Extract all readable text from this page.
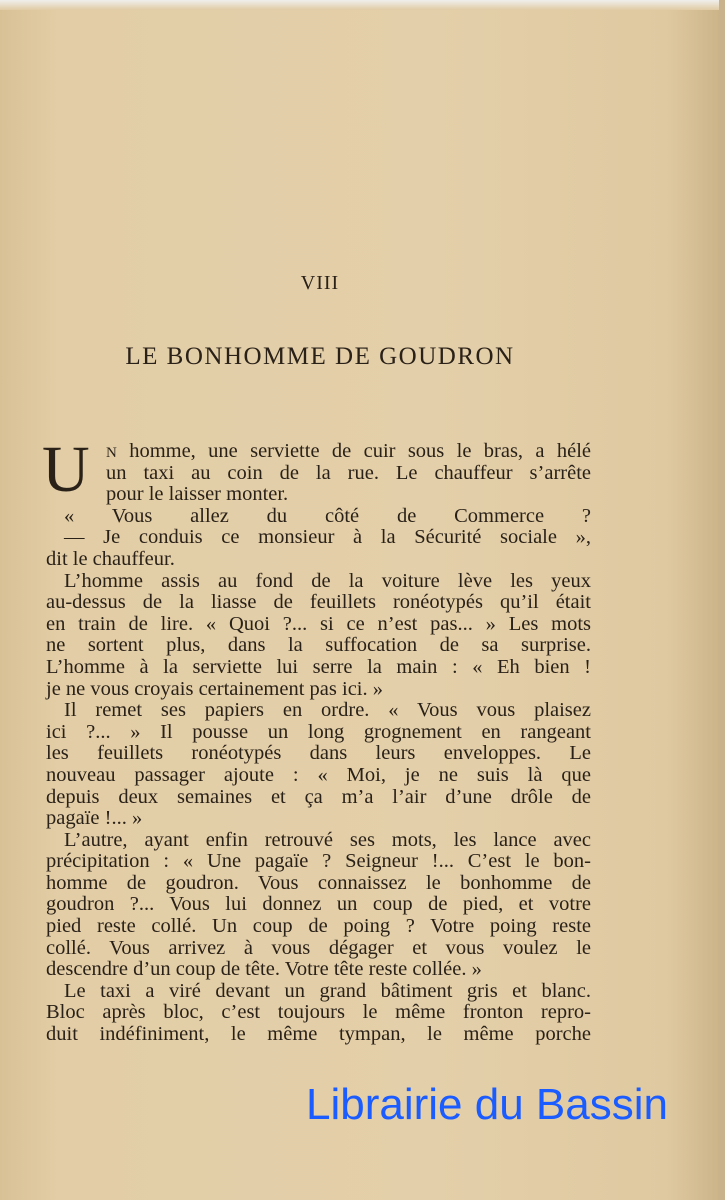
VIII
LE BONHOMME DE GOUDRON
U	N homme, une serviette de cuir sous le bras, a hélé
un taxi au coin de la rue. Le chauffeur s’arrête
pour le laisser monter.
« Vous allez du côté de Commerce ?
— Je conduis ce monsieur à la Sécurité sociale »,
dit le chauffeur.
L’homme assis au fond de la voiture lève les yeux
au-dessus de la liasse de feuillets ronéotypés qu’il était
en train de lire. « Quoi ?... si ce n’est pas... » Les mots
ne sortent plus, dans la suffocation de sa surprise.
L’homme à la serviette lui serre la main : « Eh bien !
je ne vous croyais certainement pas ici. »
Il remet ses papiers en ordre. « Vous vous plaisez
ici ?... » Il pousse un long grognement en rangeant
les feuillets ronéotypés dans leurs enveloppes. Le
nouveau passager ajoute : « Moi, je ne suis là que
depuis deux semaines et ça m’a l’air d’une drôle de
pagaïe !... »
L’autre, ayant enfin retrouvé ses mots, les lance avec
précipitation : « Une pagaïe ? Seigneur !... C’est le bon-
homme de goudron. Vous connaissez le bonhomme de
goudron ?... Vous lui donnez un coup de pied, et votre
pied reste collé. Un coup de poing ? Votre poing reste
collé. Vous arrivez à vous dégager et vous voulez le
descendre d’un coup de tête. Votre tête reste collée. »
Le taxi a viré devant un grand bâtiment gris et blanc.
Bloc après bloc, c’est toujours le même fronton repro-
duit indéfiniment, le même tympan, le même porche
Librairie du Bassin
